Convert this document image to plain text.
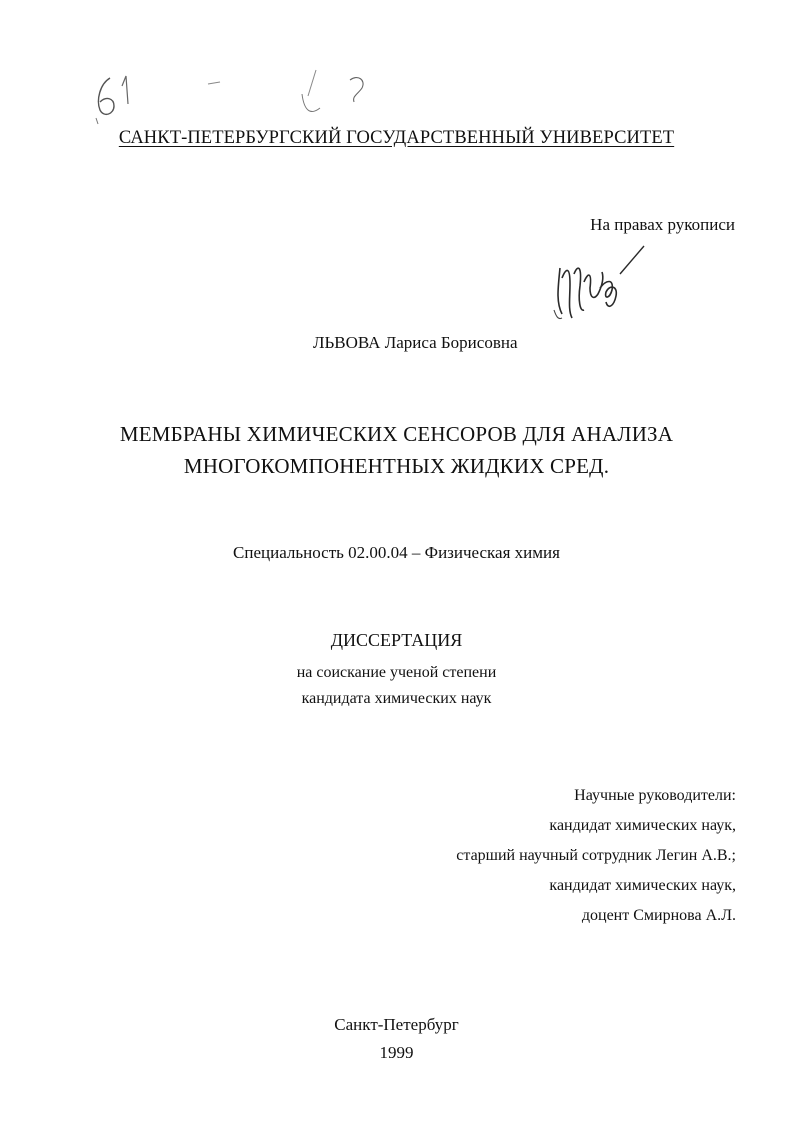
САНКТ-ПЕТЕРБУРГСКИЙ ГОСУДАРСТВЕННЫЙ УНИВЕРСИТЕТ
На правах рукописи
ЛЬВОВА Лариса Борисовна
МЕМБРАНЫ ХИМИЧЕСКИХ СЕНСОРОВ ДЛЯ АНАЛИЗА
МНОГОКОМПОНЕНТНЫХ ЖИДКИХ СРЕД.
Специальность 02.00.04 – Физическая химия
ДИССЕРТАЦИЯ
на соискание ученой степени
кандидата химических наук
Научные руководители:
кандидат химических наук,
старший научный сотрудник Легин А.В.;
кандидат химических наук,
доцент Смирнова А.Л.
Санкт-Петербург
1999
